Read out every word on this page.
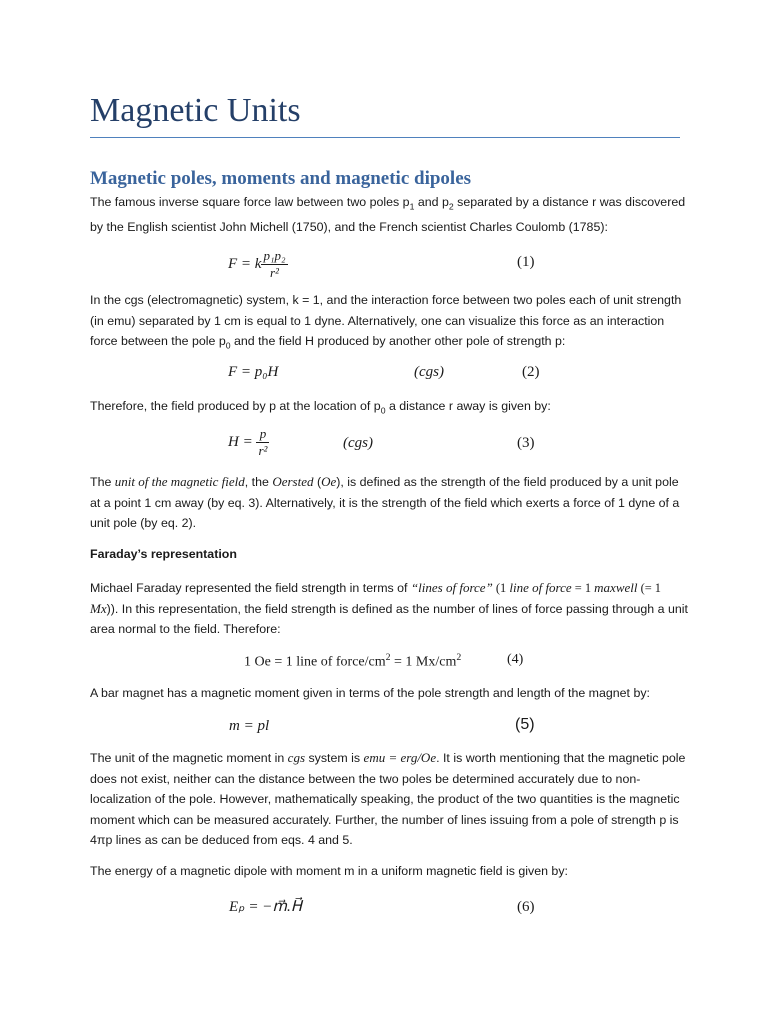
Magnetic Units
Magnetic poles, moments and magnetic dipoles

The famous inverse square force law between two poles $p_1$ and $p_2$ separated by a distance r was discovered by the English scientist John Michell (1750), and the French scientist Charles Coulomb (1785):

F = k $\frac{\text{p₁p₂}}{\text{r²}}$	(1)

In the cgs (electromagnetic) system, k = 1, and the interaction force between two poles each of unit strength (in emu) separated by 1 cm is equal to 1 dyne. Alternatively, one can visualize this force as an interaction force between the pole $p_0$ and the field H produced by another other pole of strength p:

F = p₀H	(cgs)	(2)

Therefore, the field produced by p at the location of $p_0$ a distance r away is given by:

$H = \frac{p}{\text{r²}}$	(cgs)	(3)

The unit of the magnetic field, the Oersted (Oe), is defined as the strength of the field produced by a unit pole at a point 1 cm away (by eq. 3). Alternatively, it is the strength of the field which exerts a force of 1 dyne of a unit pole (by eq. 2).

Faraday’s representation

Michael Faraday represented the field strength in terms of “lines of force” (1 line of force = 1 maxwell (= 1 Mx)). In this representation, the field strength is defined as the number of lines of force passing through a unit area normal to the field. Therefore:

1 Oe = 1 line of force/$cm^2 = 1$ $Mx/cm^2$	(4)

A bar magnet has a magnetic moment given in terms of the pole strength and length of the magnet by:

m = pl	(5)

The unit of the magnetic moment in cgs system is emu = erg/Oe. It is worth mentioning that the magnetic pole does not exist, neither can the distance between the two poles be determined accurately due to non-localization of the pole. However, mathematically speaking, the product of the two quantities is the magnetic moment which can be measured accurately. Further, the number of lines issuing from a pole of strength p is 4πp lines as can be deduced from eqs. 4 and 5.

The energy of a magnetic dipole with moment m in a uniform magnetic field is given by:

Eₚ = −m⃗.H⃗	(6)
